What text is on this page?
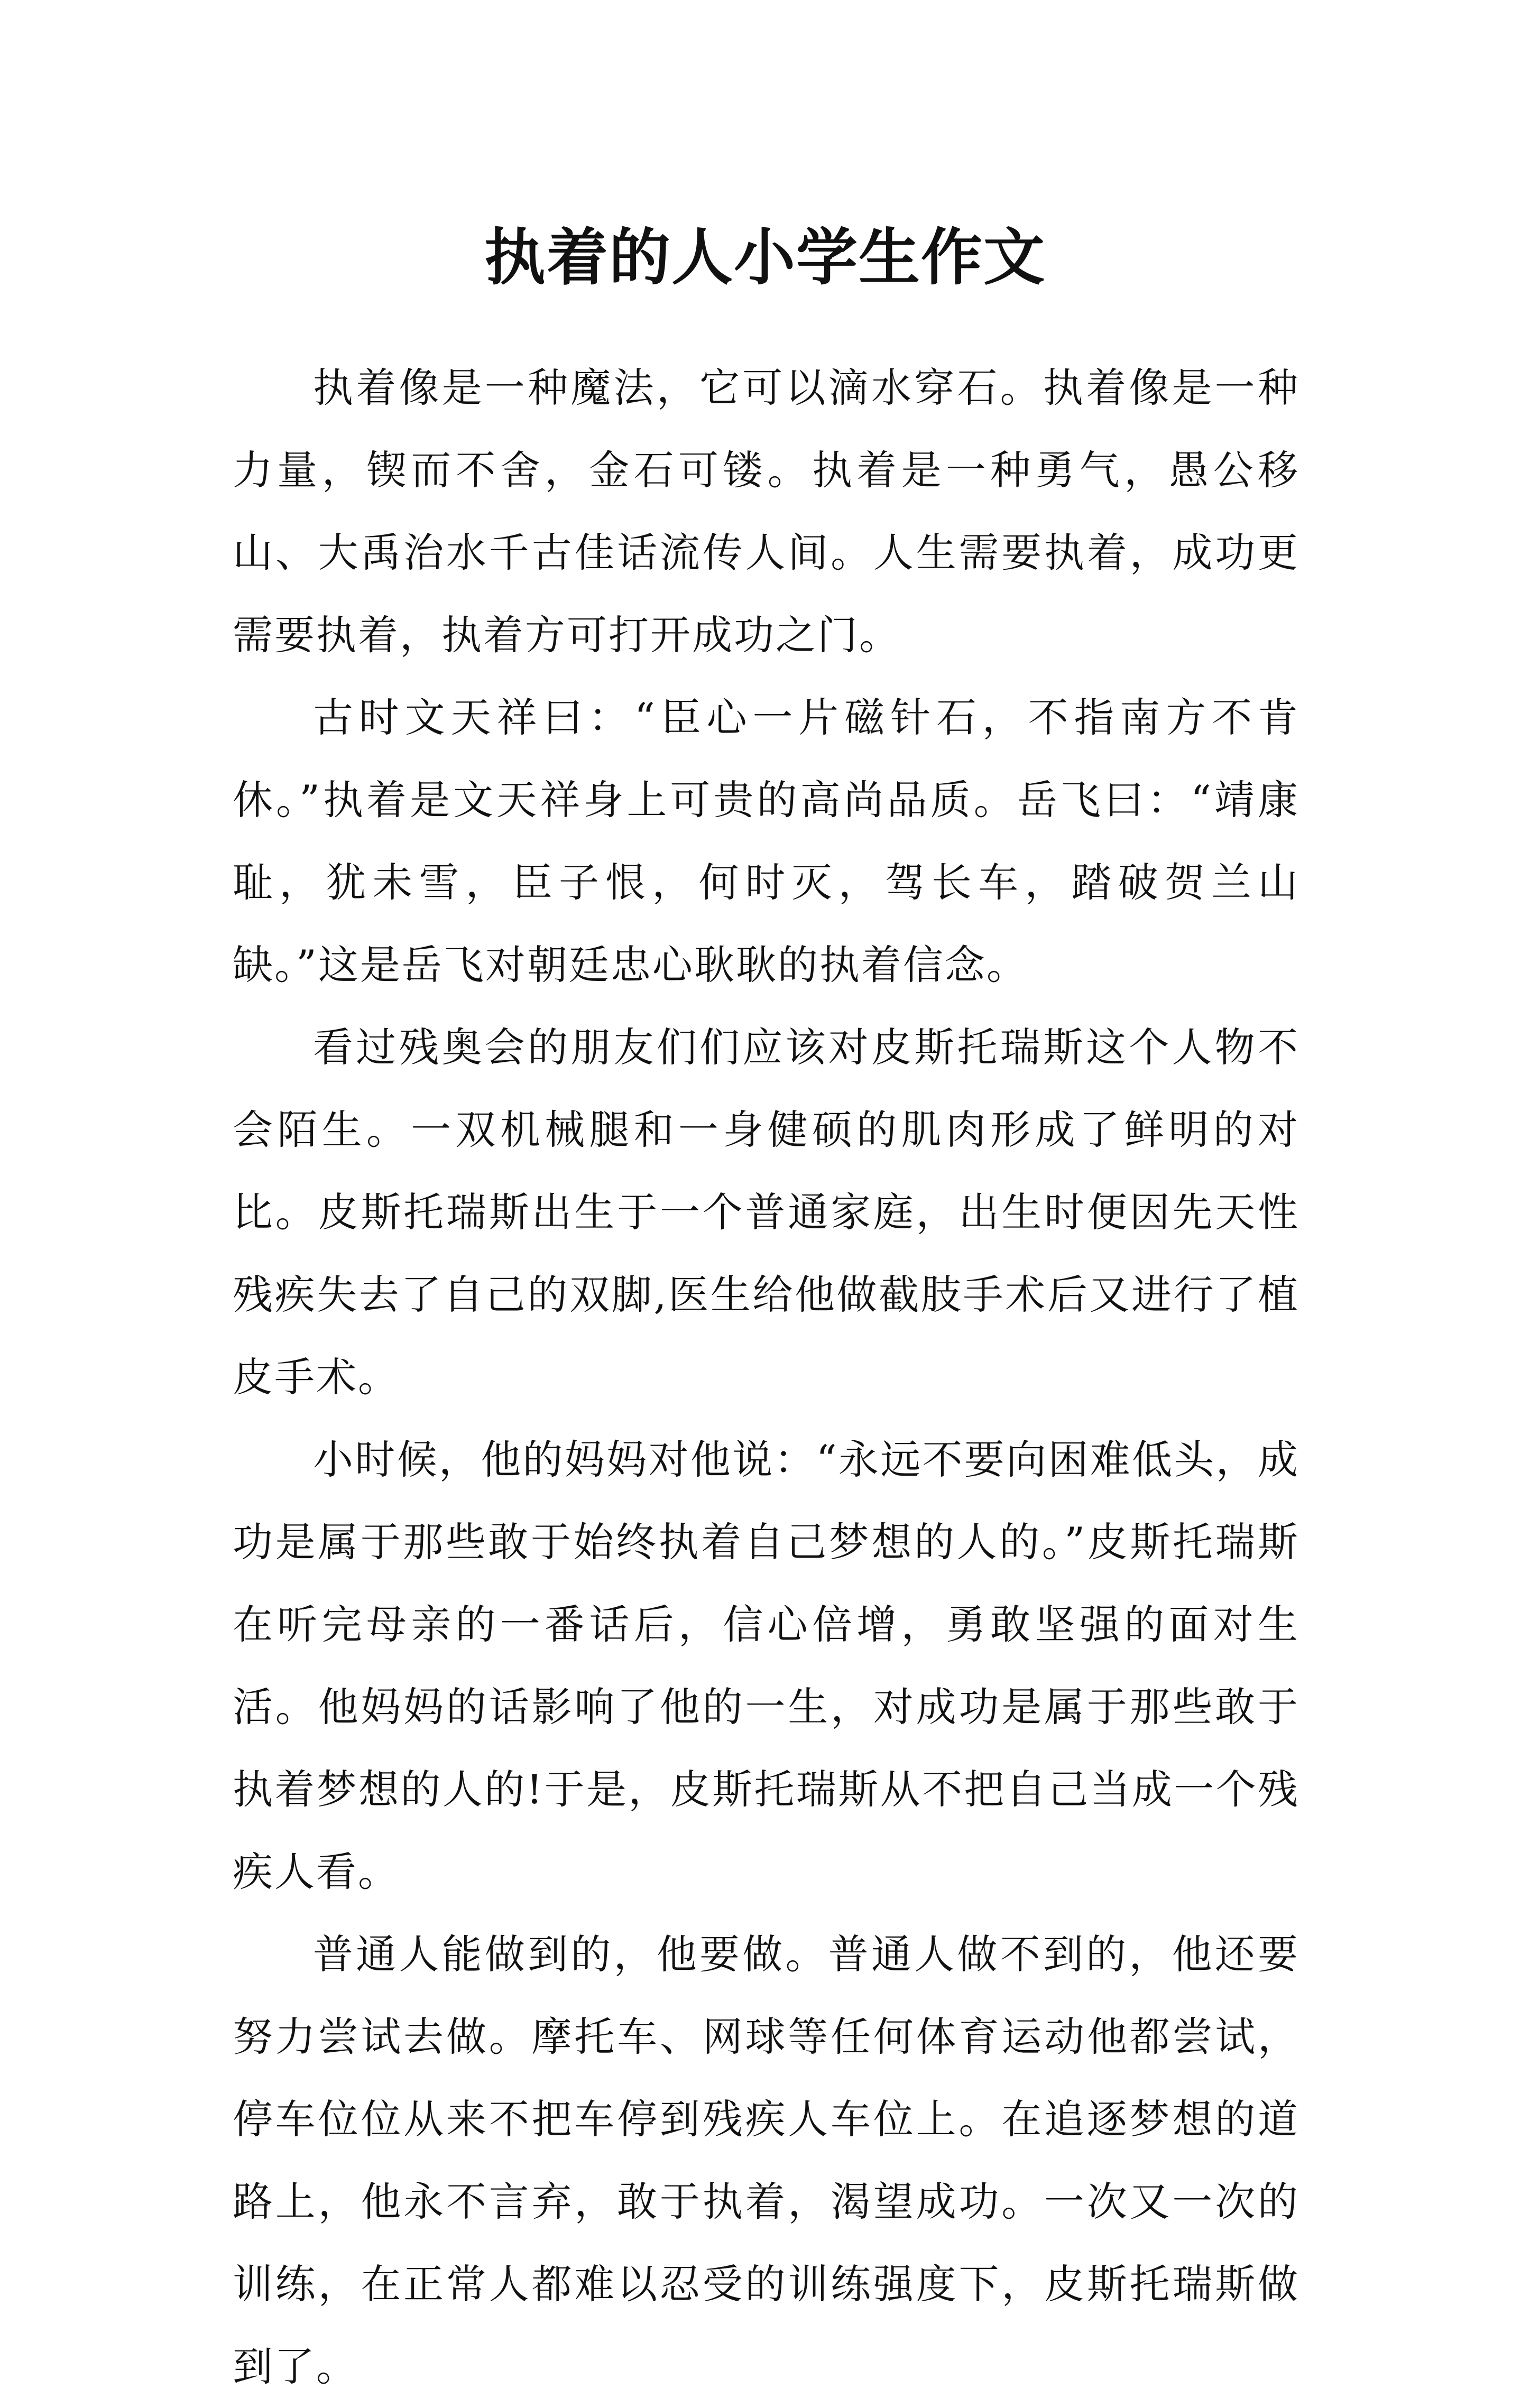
执着的人小学生作文

执着像是一种魔法，它可以滴水穿石。执着像是一种力量，锲而不舍，金石可镂。执着是一种勇气，愚公移山、大禹治水千古佳话流传人间。人生需要执着，成功更需要执着，执着方可打开成功之门。

古时文天祥曰：“臣心一片磁针石，不指南方不肯休。”执着是文天祥身上可贵的高尚品质。岳飞曰：“靖康耻，犹未雪，臣子恨，何时灭，驾长车，踏破贺兰山缺。”这是岳飞对朝廷忠心耿耿的执着信念。

看过残奥会的朋友们们应该对皮斯托瑞斯这个人物不会陌生。一双机械腿和一身健硕的肌肉形成了鲜明的对比。皮斯托瑞斯出生于一个普通家庭，出生时便因先天性残疾失去了自己的双脚,医生给他做截肢手术后又进行了植皮手术。

小时候，他的妈妈对他说：“永远不要向困难低头，成功是属于那些敢于始终执着自己梦想的人的。”皮斯托瑞斯在听完母亲的一番话后，信心倍增，勇敢坚强的面对生活。他妈妈的话影响了他的一生，对成功是属于那些敢于执着梦想的人的!于是，皮斯托瑞斯从不把自己当成一个残疾人看。

普通人能做到的，他要做。普通人做不到的，他还要努力尝试去做。摩托车、网球等任何体育运动他都尝试，停车位位从来不把车停到残疾人车位上。在追逐梦想的道路上，他永不言弃，敢于执着，渴望成功。一次又一次的训练，在正常人都难以忍受的训练强度下，皮斯托瑞斯做到了。
